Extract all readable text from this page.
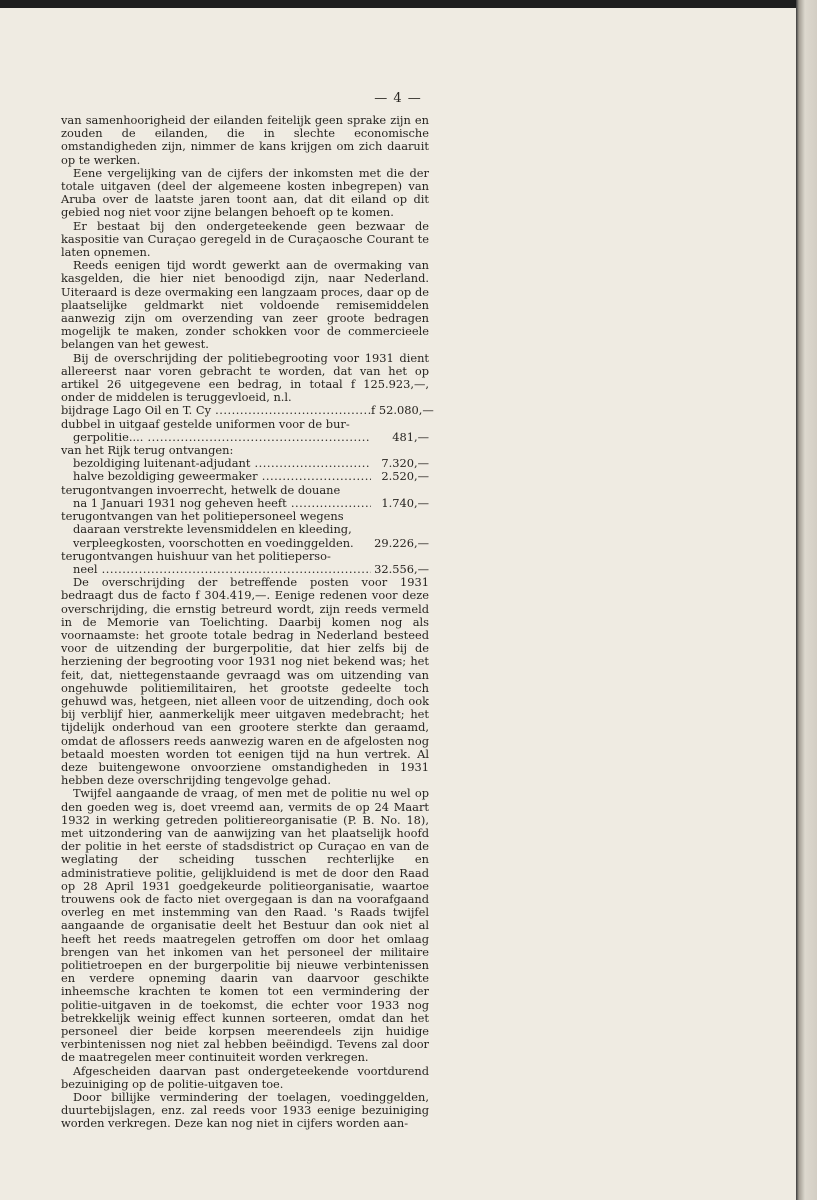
— 4 —

van samenhoorigheid der eilanden feitelijk geen sprake zijn en zouden de eilanden, die in slechte economische omstandigheden zijn, nimmer de kans krijgen om zich daaruit op te werken.

Eene vergelijking van de cijfers der inkomsten met die der totale uitgaven (deel der algemeene kosten inbegrepen) van Aruba over de laatste jaren toont aan, dat dit eiland op dit gebied nog niet voor zijne belangen behoeft op te komen.

Er bestaat bij den ondergeteekende geen bezwaar de kaspositie van Curaçao geregeld in de Curaçaosche Courant te laten opnemen.

Reeds eenigen tijd wordt gewerkt aan de overmaking van kasgelden, die hier niet benoodigd zijn, naar Nederland. Uiteraard is deze overmaking een langzaam proces, daar op de plaatselijke geldmarkt niet voldoende remisemiddelen aanwezig zijn om overzending van zeer groote bedragen mogelijk te maken, zonder schokken voor de commercieele belangen van het gewest.

Bij de overschrijding der politiebegrooting voor 1931 dient allereerst naar voren gebracht te worden, dat van het op artikel 26 uitgegevene een bedrag, in totaal f 125.923,—, onder de middelen is teruggevloeid, n.l.

bijdrage Lago Oil en T. Cy .....	f 52.080,—
dubbel in uitgaaf gestelde uniformen voor de bur-
gerpolitie.... .....	481,—
van het Rijk terug ontvangen:
bezoldiging luitenant-adjudant .....	7.320,—
halve bezoldiging geweermaker .....	2.520,—
terugontvangen invoerrecht, hetwelk de douane
na 1 Januari 1931 nog geheven heeft .....	1.740,—
terugontvangen van het politiepersoneel wegens
daaraan verstrekte levensmiddelen en kleeding,
verpleegkosten, voorschotten en voedinggelden.	29.226,—
terugontvangen huishuur van het politieperso-
neel .....	32.556,—

De overschrijding der betreffende posten voor 1931 bedraagt dus de facto f 304.419,—. Eenige redenen voor deze overschrijding, die ernstig betreurd wordt, zijn reeds vermeld in de Memorie van Toelichting. Daarbij komen nog als voornaamste: het groote totale bedrag in Nederland besteed voor de uitzending der burgerpolitie, dat hier zelfs bij de herziening der begrooting voor 1931 nog niet bekend was; het feit, dat, niettegenstaande gevraagd was om uitzending van ongehuwde politiemilitairen, het grootste gedeelte toch gehuwd was, hetgeen, niet alleen voor de uitzending, doch ook bij verblijf hier, aanmerkelijk meer uitgaven medebracht; het tijdelijk onderhoud van een grootere sterkte dan geraamd, omdat de aflossers reeds aanwezig waren en de afgelosten nog betaald moesten worden tot eenigen tijd na hun vertrek. Al deze buitengewone onvoorziene omstandigheden in 1931 hebben deze overschrijding tengevolge gehad.

Twijfel aangaande de vraag, of men met de politie nu wel op den goeden weg is, doet vreemd aan, vermits de op 24 Maart 1932 in werking getreden politiereorganisatie (P. B. No. 18), met uitzondering van de aanwijzing van het plaatselijk hoofd der politie in het eerste of stadsdistrict op Curaçao en van de weglating der scheiding tusschen rechterlijke en administratieve politie, gelijkluidend is met de door den Raad op 28 April 1931 goedgekeurde politieorganisatie, waartoe trouwens ook de facto niet overgegaan is dan na voorafgaand overleg en met instemming van den Raad. 's Raads twijfel aangaande de organisatie deelt het Bestuur dan ook niet al heeft het reeds maatregelen getroffen om door het omlaag brengen van het inkomen van het personeel der militaire politietroepen en der burgerpolitie bij nieuwe verbintenissen en verdere opneming daarin van daarvoor geschikte inheemsche krachten te komen tot een vermindering der politie-uitgaven in de toekomst, die echter voor 1933 nog betrekkelijk weinig effect kunnen sorteeren, omdat dan het personeel dier beide korpsen meerendeels zijn huidige verbintenissen nog niet zal hebben beëindigd. Tevens zal door de maatregelen meer continuiteit worden verkregen.

Afgescheiden daarvan past ondergeteekende voortdurend bezuiniging op de politie-uitgaven toe.

Door billijke vermindering der toelagen, voedinggelden, duurtebijslagen, enz. zal reeds voor 1933 eenige bezuiniging worden verkregen. Deze kan nog niet in cijfers worden aan-
